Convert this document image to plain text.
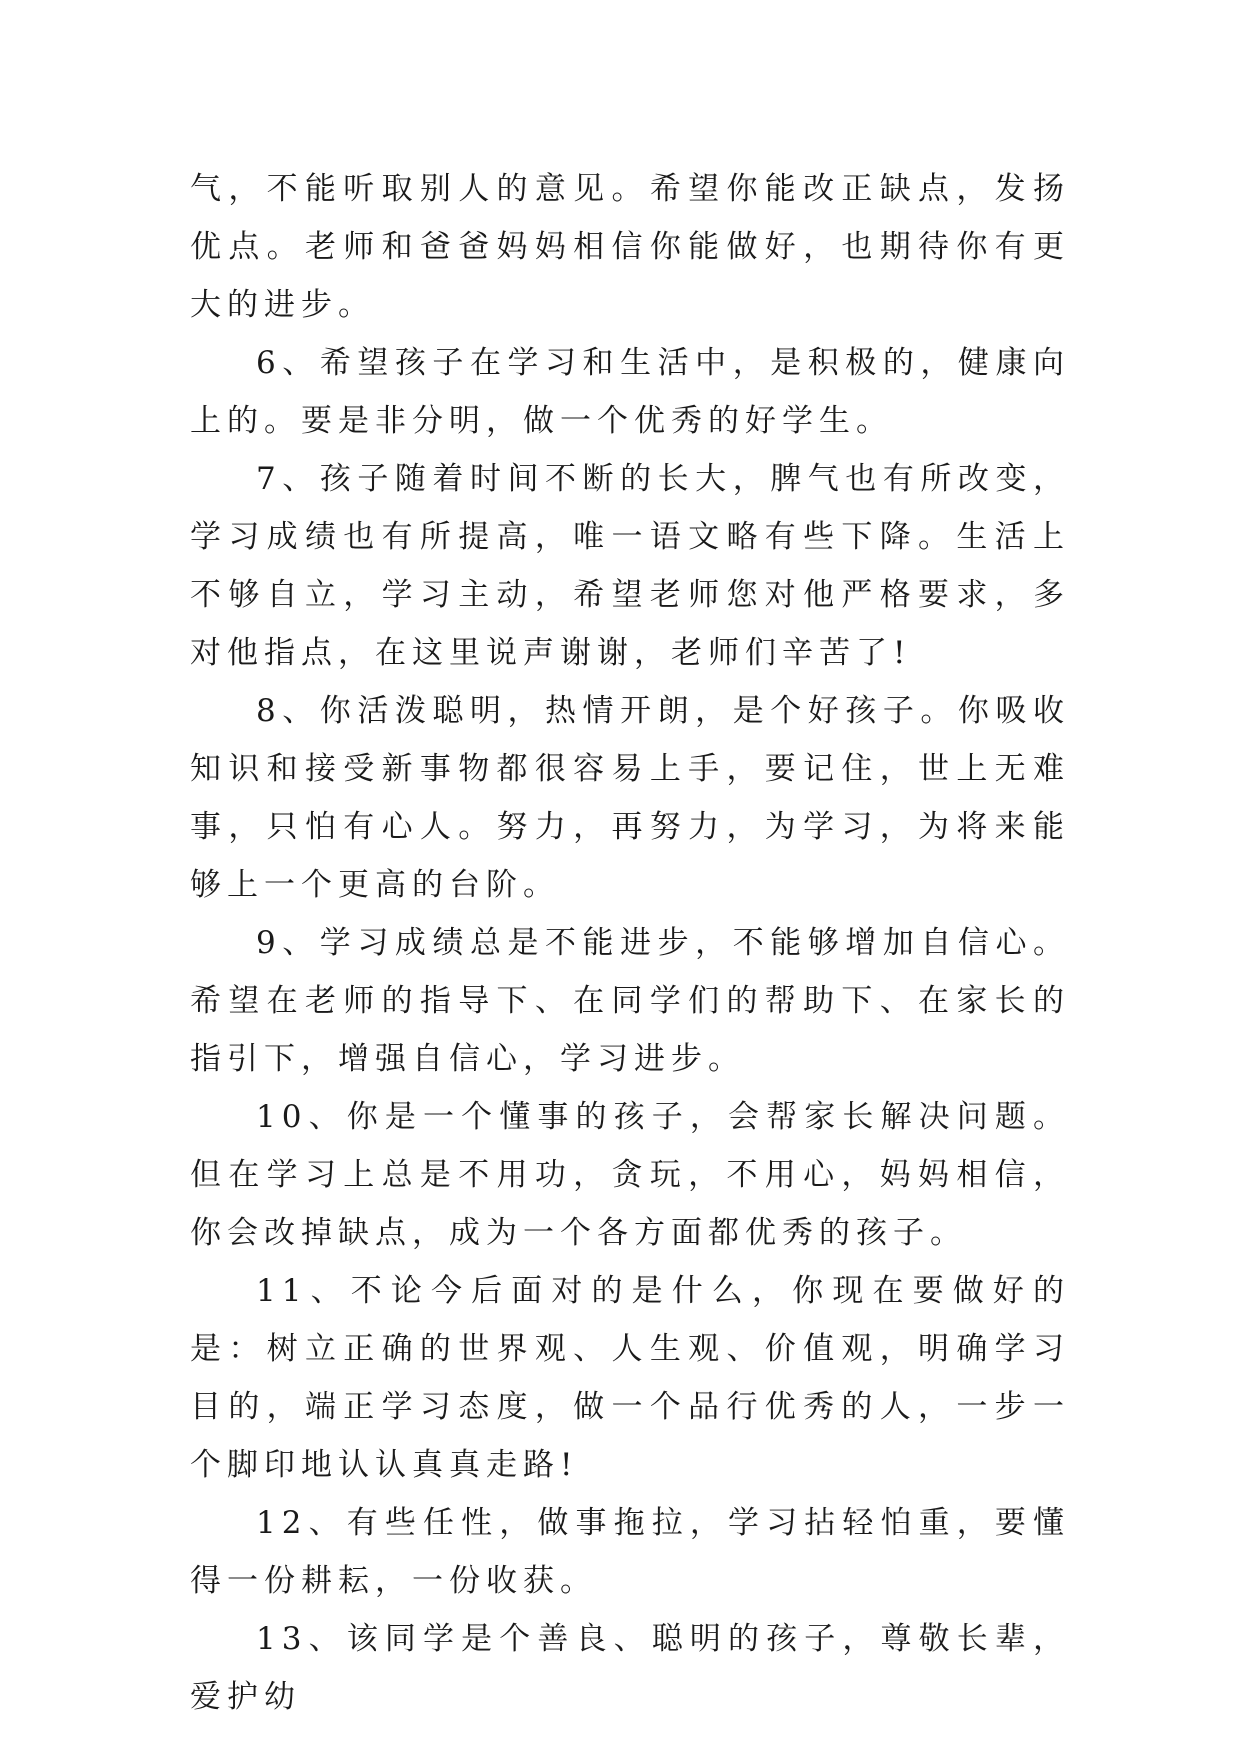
气，不能听取别人的意见。希望你能改正缺点，发扬优点。老师和爸爸妈妈相信你能做好，也期待你有更大的进步。

6、希望孩子在学习和生活中，是积极的，健康向上的。要是非分明，做一个优秀的好学生。

7、孩子随着时间不断的长大，脾气也有所改变，学习成绩也有所提高，唯一语文略有些下降。生活上不够自立，学习主动，希望老师您对他严格要求，多对他指点，在这里说声谢谢，老师们辛苦了!

8、你活泼聪明，热情开朗，是个好孩子。你吸收知识和接受新事物都很容易上手，要记住，世上无难事，只怕有心人。努力，再努力，为学习，为将来能够上一个更高的台阶。

9、学习成绩总是不能进步，不能够增加自信心。希望在老师的指导下、在同学们的帮助下、在家长的指引下，增强自信心，学习进步。

10、你是一个懂事的孩子，会帮家长解决问题。但在学习上总是不用功，贪玩，不用心，妈妈相信，你会改掉缺点，成为一个各方面都优秀的孩子。

11、不论今后面对的是什么，你现在要做好的是：树立正确的世界观、人生观、价值观，明确学习目的，端正学习态度，做一个品行优秀的人，一步一个脚印地认认真真走路!

12、有些任性，做事拖拉，学习拈轻怕重，要懂得一份耕耘，一份收获。

13、该同学是个善良、聪明的孩子，尊敬长辈，爱护幼
